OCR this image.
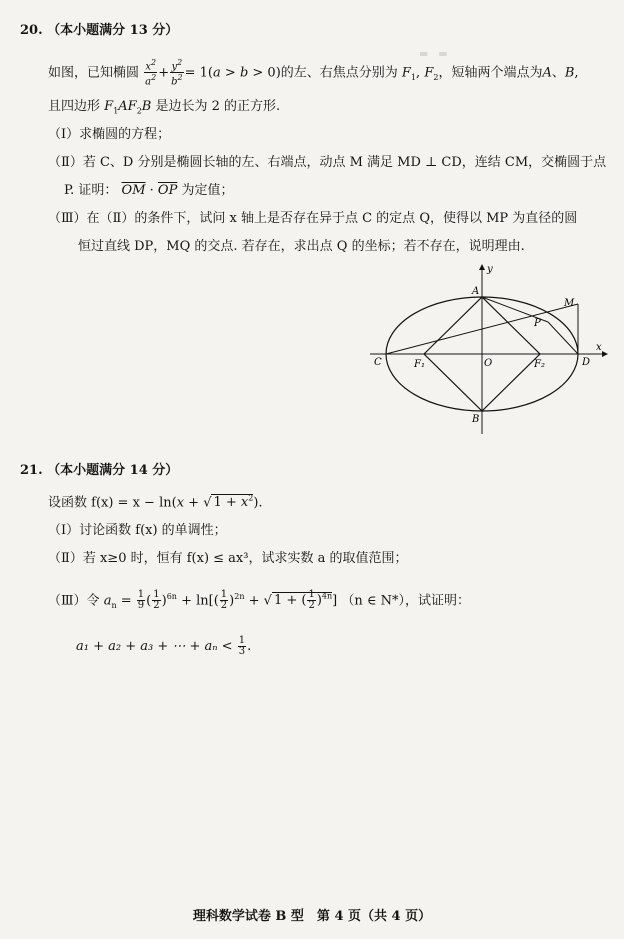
═　═
20. （本小题满分 13 分）
如图，已知椭圆 $\frac{x^2}{a^2} + \frac{y^2}{b^2} = 1(a > b > 0)$的左、右焦点分别为 $F_1$, $F_2$，短轴两个端点为A、B,
且四边形 $F_1AF_2B$ 是边长为 2 的正方形.
（Ⅰ）求椭圆的方程；
（Ⅱ）若 C、D 分别是椭圆长轴的左、右端点，动点 M 满足 MD ⊥ CD，连结 CM，交椭圆于点
P. 证明： $\overline{OM} \cdot \overline{OP}$ 为定值；
（Ⅲ）在（Ⅱ）的条件下，试问 x 轴上是否存在异于点 C 的定点 Q，使得以 MP 为直径的圆
恒过直线 DP，MQ 的交点. 若存在，求出点 Q 的坐标；若不存在，说明理由.
y
x
A
B
C	D
F₁	F₂
O
P
M
21. （本小题满分 14 分）
设函数 f(x) = x − ln(x + √ $1 + x^2$).
（Ⅰ）讨论函数 f(x) 的单调性；
（Ⅱ）若 x≥0 时，恒有 f(x) ≤ ax³，试求实数 a 的取值范围；
（Ⅲ）令 $a_n = \frac{1}{9}$ ( $\frac{1}{2} )^{6n} + \ln[( \frac{1}{2} )^{2n}$ + √ 1 + ( $\frac{1}{2} )^{4n}$] （n ∈ N*），试证明：
a₁ + a₂ + a₃ + ⋯ + $a_n < \frac{1}{3}$ .
理科数学试卷 B 型　第 4 页（共 4 页）
